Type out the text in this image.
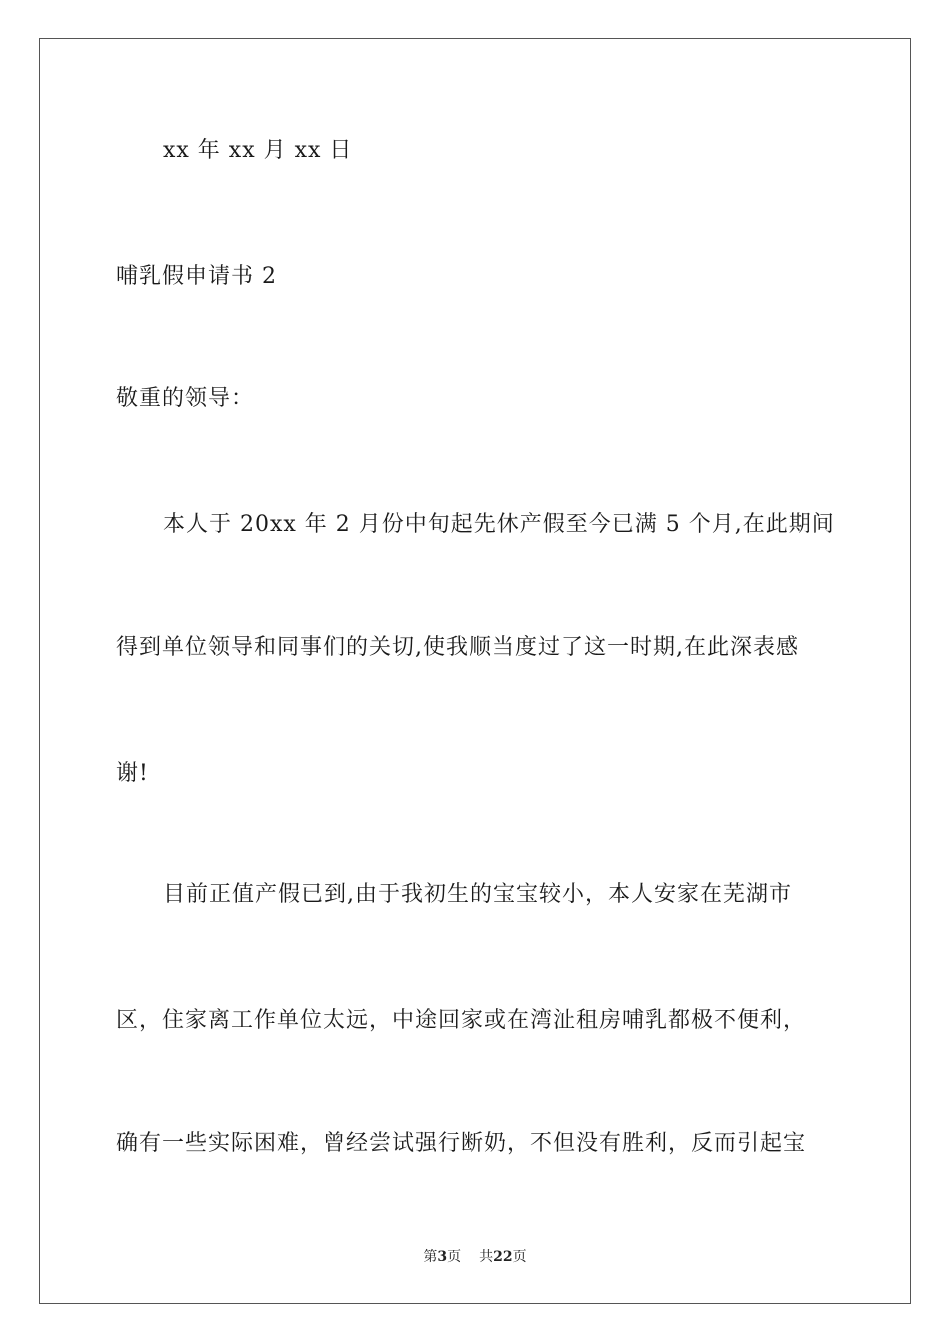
xx 年 xx 月 xx 日
哺乳假申请书 2
敬重的领导：
本人于 20xx 年 2 月份中旬起先休产假至今已满 5 个月,在此期间
得到单位领导和同事们的关切,使我顺当度过了这一时期,在此深表感
谢!
目前正值产假已到,由于我初生的宝宝较小，本人安家在芜湖市
区，住家离工作单位太远，中途回家或在湾沚租房哺乳都极不便利，
确有一些实际困难，曾经尝试强行断奶，不但没有胜利，反而引起宝
第3页 共22页
